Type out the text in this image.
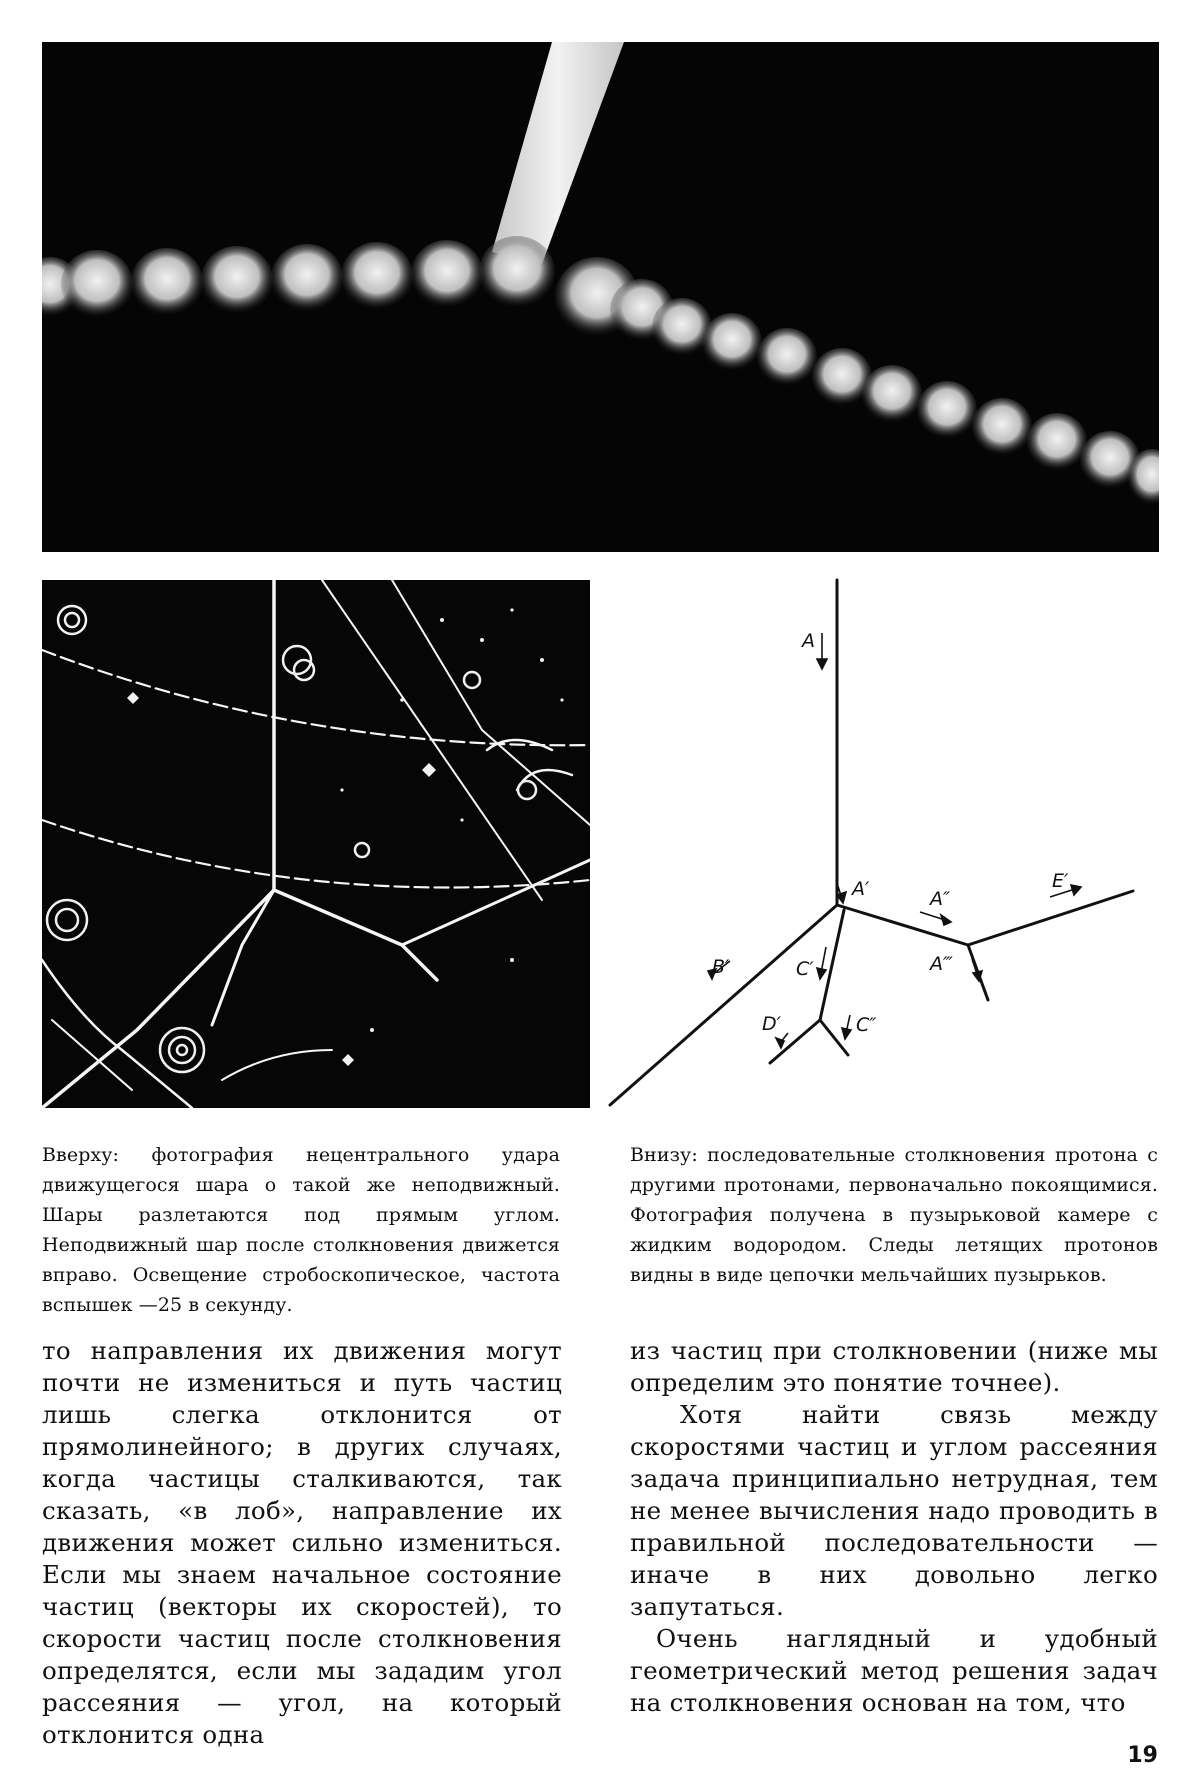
A
A′	A″
A‴
B′	C′
C″
D′
E′
Вверху: фотография нецентрального удара движущегося шара о такой же неподвижный. Шары разлетаются под прямым углом. Неподвижный шар после столкновения движется вправо. Освещение стробоскопическое, частота вспышек —25 в секунду.
Внизу: последовательные столкновения протона с другими протонами, первоначально покоящимися. Фотография получена в пузырьковой камере с жидким водородом. Следы летящих протонов видны в виде цепочки мельчайших пузырьков.

то направления их движения могут почти не измениться и путь частиц лишь слегка отклонится от прямолинейного; в других случаях, когда частицы сталкиваются, так сказать, «в лоб», направление их движения может сильно измениться. Если мы знаем начальное состояние частиц (векторы их скоростей), то скорости частиц после столкновения определятся, если мы зададим угол рассеяния — угол, на который отклонится одна

из частиц при столкновении (ниже мы определим это понятие точнее).

Хотя найти связь между скоростями частиц и углом рассеяния задача принципиально нетрудная, тем не менее вычисления надо проводить в правильной последовательности — иначе в них довольно легко запутаться.

Очень наглядный и удобный геометрический метод решения задач на столкновения основан на том, что

19
